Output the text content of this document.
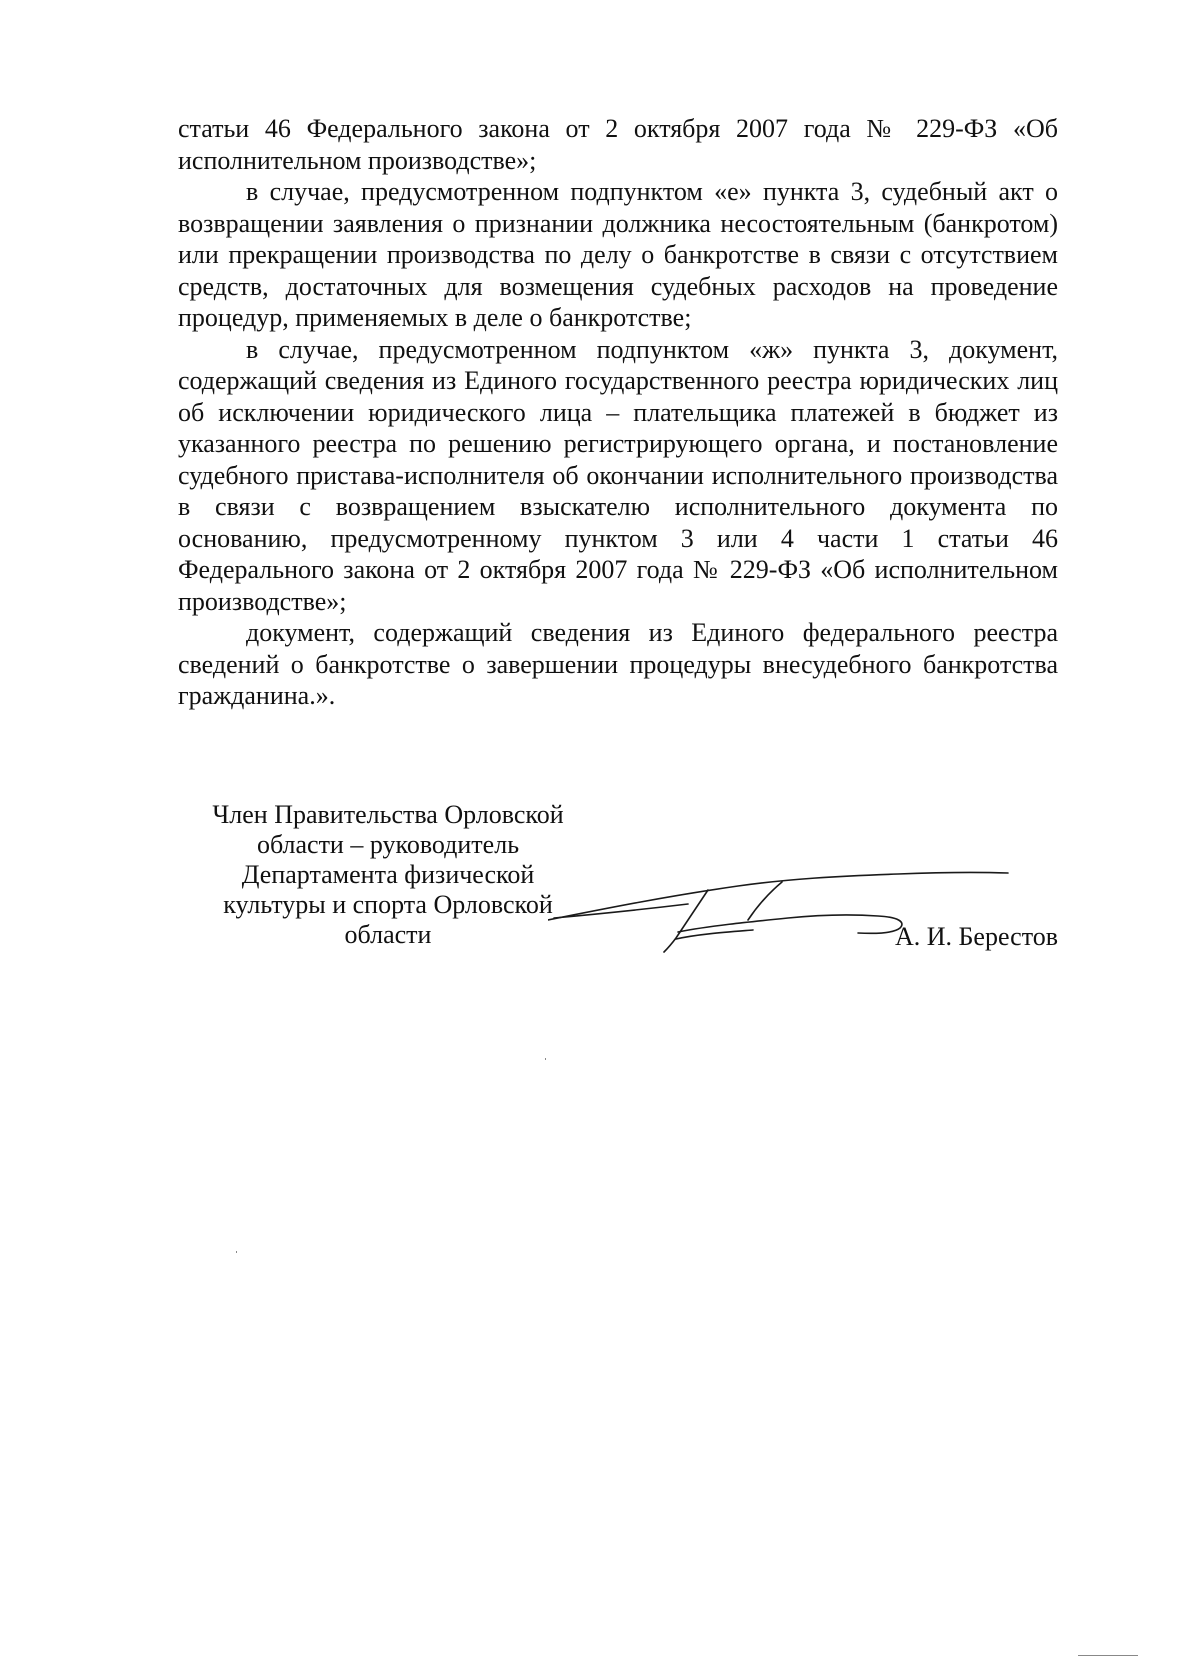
статьи 46 Федерального закона от 2 октября 2007 года № 229-ФЗ «Об исполнительном производстве»;

в случае, предусмотренном подпунктом «е» пункта 3, судебный акт о возвращении заявления о признании должника несостоятельным (банкротом) или прекращении производства по делу о банкротстве в связи с отсутствием средств, достаточных для возмещения судебных расходов на проведение процедур, применяемых в деле о банкротстве;

в случае, предусмотренном подпунктом «ж» пункта 3, документ, содержащий сведения из Единого государственного реестра юридических лиц об исключении юридического лица – плательщика платежей в бюджет из указанного реестра по решению регистрирующего органа, и постановление судебного пристава-исполнителя об окончании исполнительного производства в связи с возвращением взыскателю исполнительного документа по основанию, предусмотренному пунктом 3 или 4 части 1 статьи 46 Федерального закона от 2 октября 2007 года № 229-ФЗ «Об исполнительном производстве»;

документ, содержащий сведения из Единого федерального реестра сведений о банкротстве о завершении процедуры внесудебного банкротства гражданина.».

Член Правительства Орловской
области – руководитель
Департамента физической
культуры и спорта Орловской
области	А. И. Берестов
